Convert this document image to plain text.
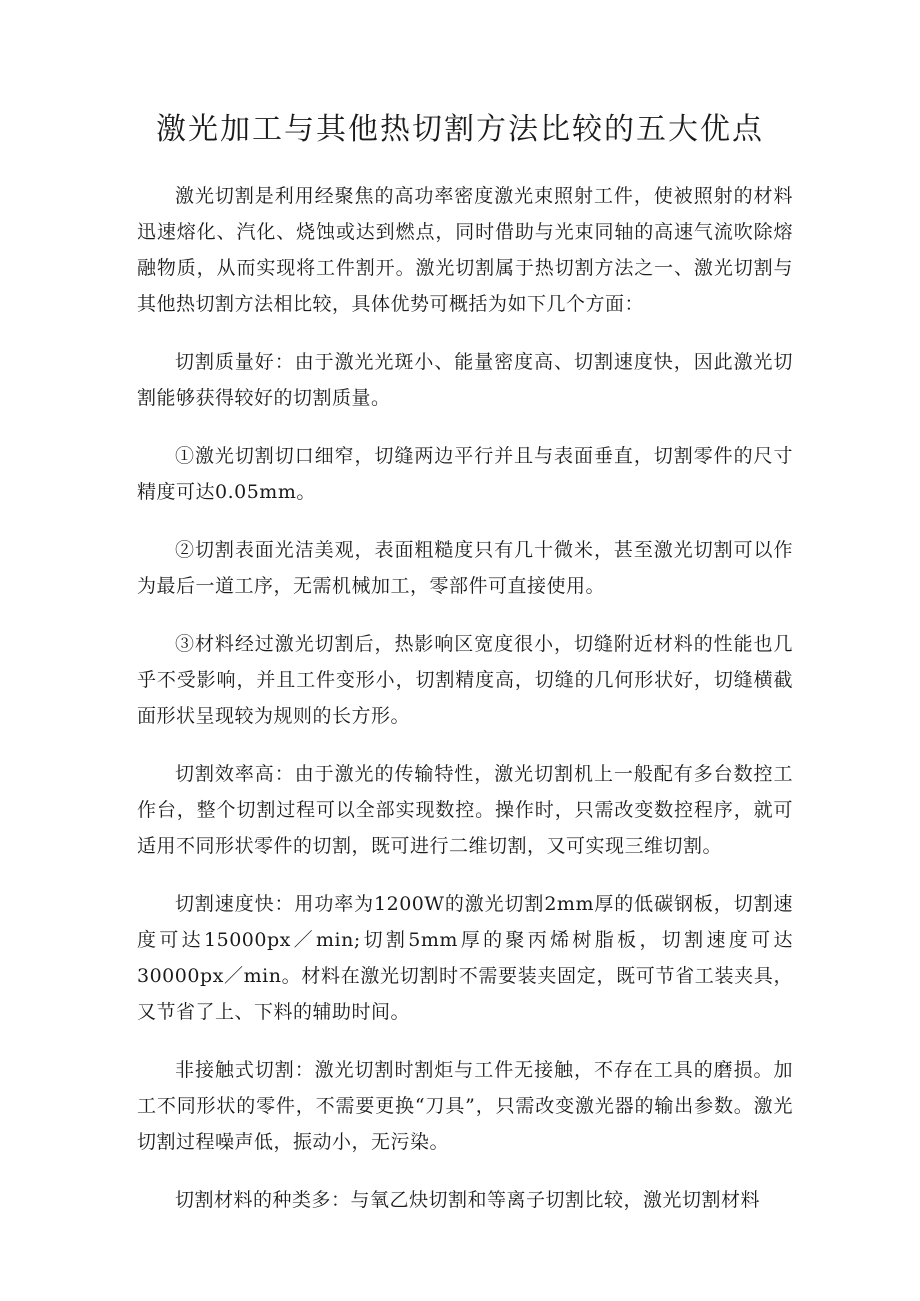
激光加工与其他热切割方法比较的五大优点

激光切割是利用经聚焦的高功率密度激光束照射工件，使被照射的材料迅速熔化、汽化、烧蚀或达到燃点，同时借助与光束同轴的高速气流吹除熔融物质，从而实现将工件割开。激光切割属于热切割方法之一、激光切割与其他热切割方法相比较，具体优势可概括为如下几个方面：

切割质量好：由于激光光斑小、能量密度高、切割速度快，因此激光切割能够获得较好的切割质量。

①激光切割切口细窄，切缝两边平行并且与表面垂直，切割零件的尺寸精度可达0.05mm。

②切割表面光洁美观，表面粗糙度只有几十微米，甚至激光切割可以作为最后一道工序，无需机械加工，零部件可直接使用。

③材料经过激光切割后，热影响区宽度很小，切缝附近材料的性能也几乎不受影响，并且工件变形小，切割精度高，切缝的几何形状好，切缝横截面形状呈现较为规则的长方形。

切割效率高：由于激光的传输特性，激光切割机上一般配有多台数控工作台，整个切割过程可以全部实现数控。操作时，只需改变数控程序，就可适用不同形状零件的切割，既可进行二维切割，又可实现三维切割。

切割速度快：用功率为1200W的激光切割2mm厚的低碳钢板，切割速度可达15000px／min;切割5mm厚的聚丙烯树脂板，切割速度可达30000px／min。材料在激光切割时不需要装夹固定，既可节省工装夹具，又节省了上、下料的辅助时间。

非接触式切割：激光切割时割炬与工件无接触，不存在工具的磨损。加工不同形状的零件，不需要更换“刀具”，只需改变激光器的输出参数。激光切割过程噪声低，振动小，无污染。

切割材料的种类多：与氧乙炔切割和等离子切割比较，激光切割材料
